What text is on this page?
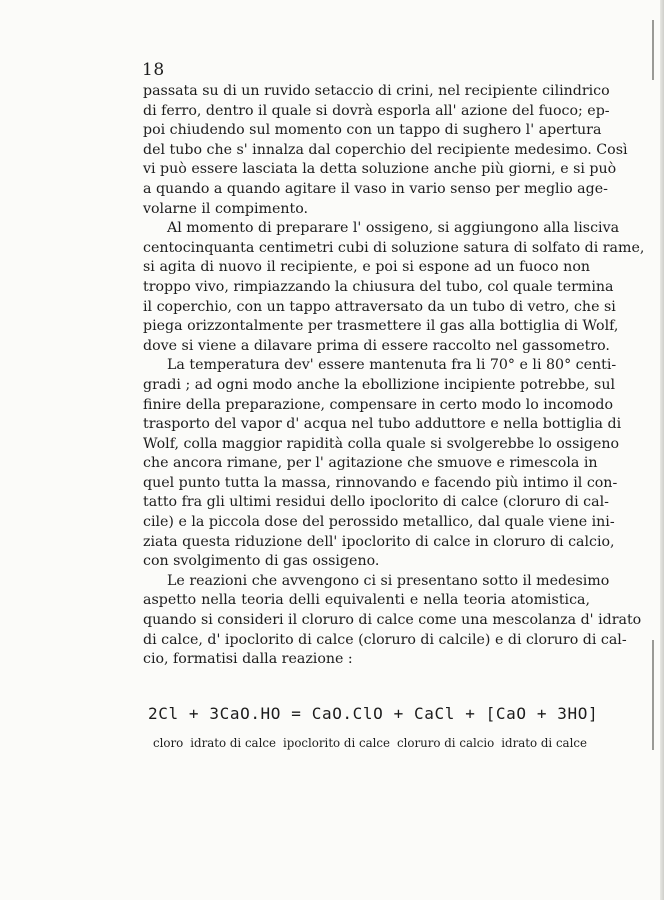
18
passata su di un ruvido setaccio di crini, nel recipiente cilindrico
di ferro, dentro il quale si dovrà esporla all' azione del fuoco; ep-
poi chiudendo sul momento con un tappo di sughero l' apertura
del tubo che s' innalza dal coperchio del recipiente medesimo. Così
vi può essere lasciata la detta soluzione anche più giorni, e si può
a quando a quando agitare il vaso in vario senso per meglio age-
volarne il compimento.
Al momento di preparare l' ossigeno, si aggiungono alla lisciva
centocinquanta centimetri cubi di soluzione satura di solfato di rame,
si agita di nuovo il recipiente, e poi si espone ad un fuoco non
troppo vivo, rimpiazzando la chiusura del tubo, col quale termina
il coperchio, con un tappo attraversato da un tubo di vetro, che si
piega orizzontalmente per trasmettere il gas alla bottiglia di Wolf,
dove si viene a dilavare prima di essere raccolto nel gassometro.
La temperatura dev' essere mantenuta fra li 70° e li 80° centi-
gradi ; ad ogni modo anche la ebollizione incipiente potrebbe, sul
finire della preparazione, compensare in certo modo lo incomodo
trasporto del vapor d' acqua nel tubo adduttore e nella bottiglia di
Wolf, colla maggior rapidità colla quale si svolgerebbe lo ossigeno
che ancora rimane, per l' agitazione che smuove e rimescola in
quel punto tutta la massa, rinnovando e facendo più intimo il con-
tatto fra gli ultimi residui dello ipoclorito di calce (cloruro di cal-
cile) e la piccola dose del perossido metallico, dal quale viene ini-
ziata questa riduzione dell' ipoclorito di calce in cloruro di calcio,
con svolgimento di gas ossigeno.
Le reazioni che avvengono ci si presentano sotto il medesimo
aspetto nella teoria delli equivalenti e nella teoria atomistica,
quando si consideri il cloruro di calce come una mescolanza d' idrato
di calce, d' ipoclorito di calce (cloruro di calcile) e di cloruro di cal-
cio, formatisi dalla reazione :
2Cl + 3CaO.HO = CaO.ClO + CaCl + [CaO + 3HO]
cloro idrato di calce ipoclorito di calce cloruro di calcio idrato di calce
